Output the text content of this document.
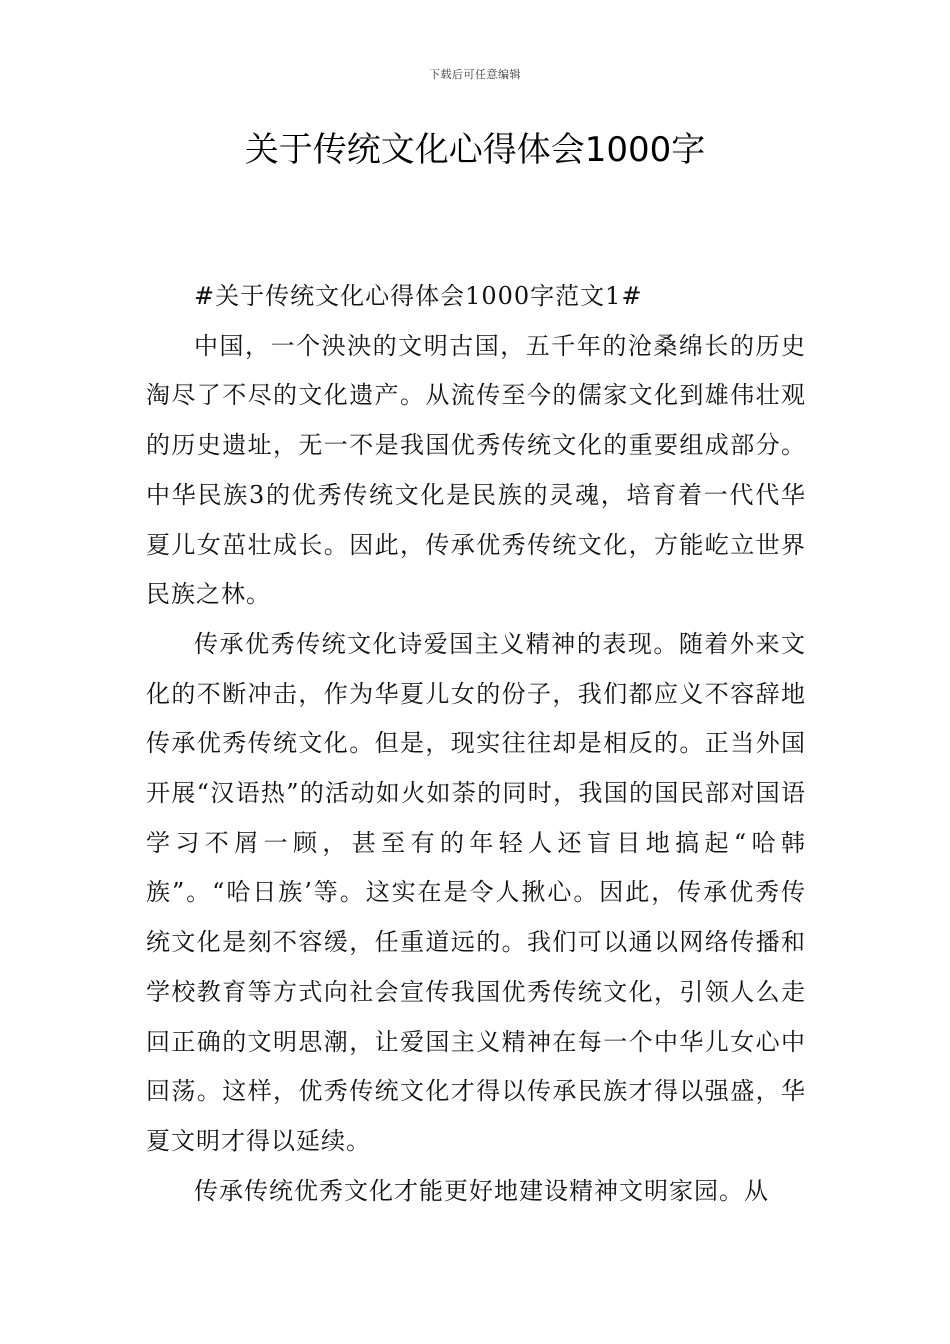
下载后可任意编辑
关于传统文化心得体会1000字

#关于传统文化心得体会1000字范文1#

中国，一个泱泱的文明古国，五千年的沧桑绵长的历史淘尽了不尽的文化遗产。从流传至今的儒家文化到雄伟壮观的历史遗址，无一不是我国优秀传统文化的重要组成部分。中华民族3的优秀传统文化是民族的灵魂，培育着一代代华夏儿女茁壮成长。因此，传承优秀传统文化，方能屹立世界民族之林。

传承优秀传统文化诗爱国主义精神的表现。随着外来文化的不断冲击，作为华夏儿女的份子，我们都应义不容辞地传承优秀传统文化。但是，现实往往却是相反的。正当外国开展“汉语热”的活动如火如荼的同时，我国的国民部对国语学习不屑一顾，甚至有的年轻人还盲目地搞起“哈韩族”。“哈日族’等。这实在是令人揪心。因此，传承优秀传统文化是刻不容缓，任重道远的。我们可以通以网络传播和学校教育等方式向社会宣传我国优秀传统文化，引领人么走回正确的文明思潮，让爱国主义精神在每一个中华儿女心中回荡。这样，优秀传统文化才得以传承民族才得以强盛，华夏文明才得以延续。

传承传统优秀文化才能更好地建设精神文明家园。从
